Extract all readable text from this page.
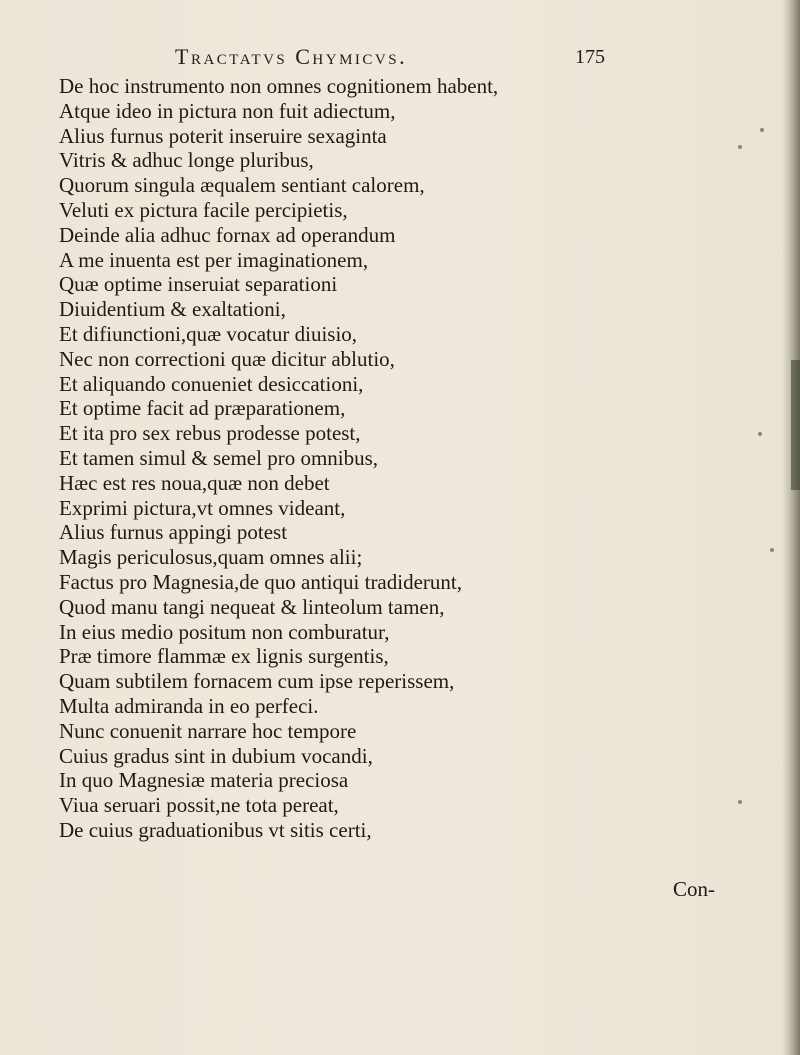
Tractatvs Chymicvs.	175
De hoc instrumento non omnes cognitionem habent,
Atque ideo in pictura non fuit adiectum,
Alius furnus poterit inseruire sexaginta
Vitris & adhuc longe pluribus,
Quorum singula æqualem sentiant calorem,
Veluti ex pictura facile percipietis,
Deinde alia adhuc fornax ad operandum
A me inuenta est per imaginationem,
Quæ optime inseruiat separationi
Diuidentium & exaltationi,
Et difiunctioni,quæ vocatur diuisio,
Nec non correctioni quæ dicitur ablutio,
Et aliquando conueniet desiccationi,
Et optime facit ad præparationem,
Et ita pro sex rebus prodesse potest,
Et tamen simul & semel pro omnibus,
Hæc est res noua,quæ non debet
Exprimi pictura,vt omnes videant,
Alius furnus appingi potest
Magis periculosus,quam omnes alii;
Factus pro Magnesia,de quo antiqui tradiderunt,
Quod manu tangi nequeat & linteolum tamen,
In eius medio positum non comburatur,
Præ timore flammæ ex lignis surgentis,
Quam subtilem fornacem cum ipse reperissem,
Multa admiranda in eo perfeci.
Nunc conuenit narrare hoc tempore
Cuius gradus sint in dubium vocandi,
In quo Magnesiæ materia preciosa
Viua seruari possit,ne tota pereat,
De cuius graduationibus vt sitis certi,
Con-
